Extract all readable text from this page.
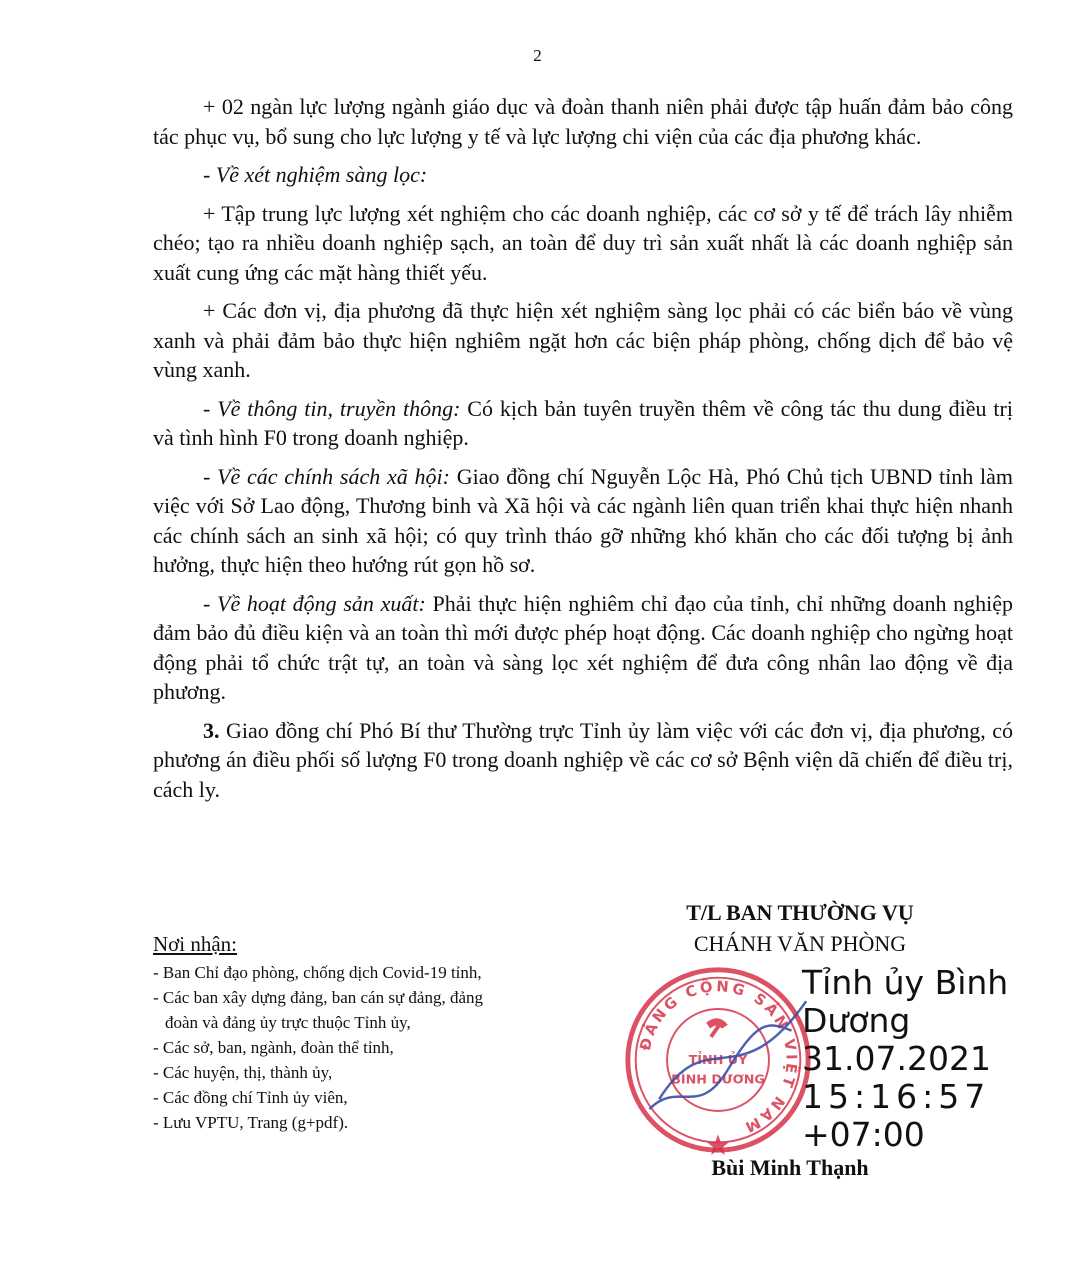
2

+ 02 ngàn lực lượng ngành giáo dục và đoàn thanh niên phải được tập huấn đảm bảo công tác phục vụ, bổ sung cho lực lượng y tế và lực lượng chi viện của các địa phương khác.

- Về xét nghiệm sàng lọc:

+ Tập trung lực lượng xét nghiệm cho các doanh nghiệp, các cơ sở y tế để trách lây nhiễm chéo; tạo ra nhiều doanh nghiệp sạch, an toàn để duy trì sản xuất nhất là các doanh nghiệp sản xuất cung ứng các mặt hàng thiết yếu.

+ Các đơn vị, địa phương đã thực hiện xét nghiệm sàng lọc phải có các biển báo về vùng xanh và phải đảm bảo thực hiện nghiêm ngặt hơn các biện pháp phòng, chống dịch để bảo vệ vùng xanh.

- Về thông tin, truyền thông: Có kịch bản tuyên truyền thêm về công tác thu dung điều trị và tình hình F0 trong doanh nghiệp.

- Về các chính sách xã hội: Giao đồng chí Nguyễn Lộc Hà, Phó Chủ tịch UBND tỉnh làm việc với Sở Lao động, Thương binh và Xã hội và các ngành liên quan triển khai thực hiện nhanh các chính sách an sinh xã hội; có quy trình tháo gỡ những khó khăn cho các đối tượng bị ảnh hưởng, thực hiện theo hướng rút gọn hồ sơ.

- Về hoạt động sản xuất: Phải thực hiện nghiêm chỉ đạo của tỉnh, chỉ những doanh nghiệp đảm bảo đủ điều kiện và an toàn thì mới được phép hoạt động. Các doanh nghiệp cho ngừng hoạt động phải tổ chức trật tự, an toàn và sàng lọc xét nghiệm để đưa công nhân lao động về địa phương.

3. Giao đồng chí Phó Bí thư Thường trực Tỉnh ủy làm việc với các đơn vị, địa phương, có phương án điều phối số lượng F0 trong doanh nghiệp về các cơ sở Bệnh viện dã chiến để điều trị, cách ly.

Nơi nhận:
- Ban Chỉ đạo phòng, chống dịch Covid-19 tỉnh,
- Các ban xây dựng đảng, ban cán sự đảng, đảng
đoàn và đảng ủy trực thuộc Tỉnh ủy,
- Các sở, ban, ngành, đoàn thể tỉnh,
- Các huyện, thị, thành ủy,
- Các đồng chí Tỉnh ủy viên,
- Lưu VPTU, Trang (g+pdf).
T/L BAN THƯỜNG VỤ
CHÁNH VĂN PHÒNG
ĐẢNG CỘNG SẢN VIỆT NAM
TỈNH ỦY
BÌNH DƯƠNG
Tỉnh ủy Bình
Dương
31.07.2021
15:16:57
+07:00
Bùi Minh Thạnh
